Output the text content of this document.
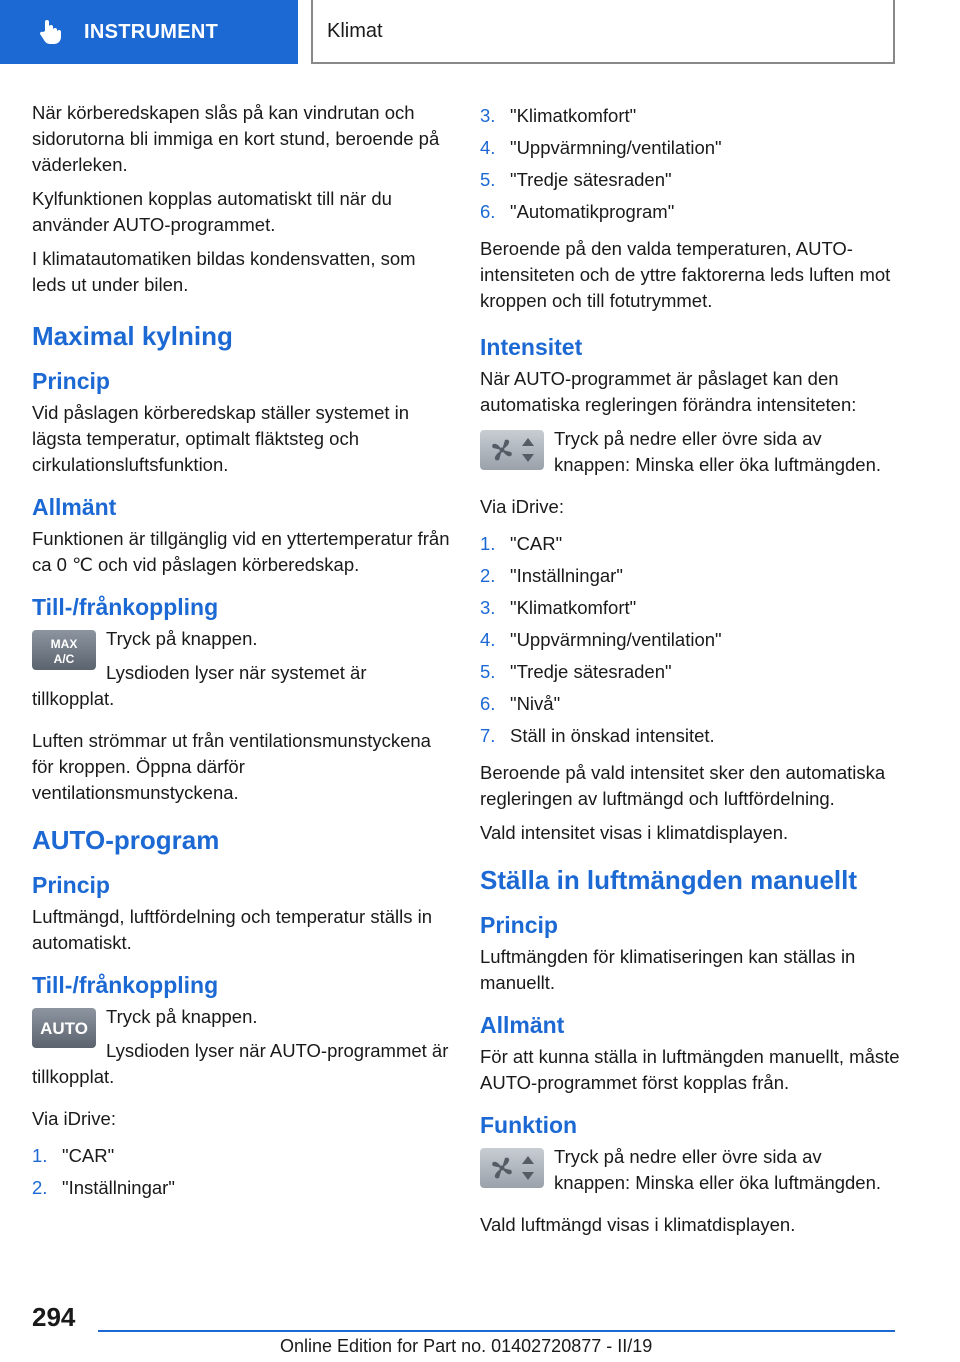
INSTRUMENT	Klimat

När körberedskapen slås på kan vindrutan och sidorutorna bli immiga en kort stund, beroende på väderleken.

Kylfunktionen kopplas automatiskt till när du använder AUTO-programmet.

I klimatautomatiken bildas kondensvatten, som leds ut under bilen.

Maximal kylning
Princip

Vid påslagen körberedskap ställer systemet in lägsta temperatur, optimalt fläktsteg och cirkulationsluftsfunktion.

Allmänt

Funktionen är tillgänglig vid en yttertemperatur från ca 0 ℃ och vid påslagen körberedskap.

Till-/frånkoppling
MAX
A/C

Tryck på knappen.

Lysdioden lyser när systemet är tillkopplat.

Luften strömmar ut från ventilationsmunstyckena för kroppen. Öppna därför ventilationsmunstyckena.

AUTO-program
Princip

Luftmängd, luftfördelning och temperatur ställs in automatiskt.

Till-/frånkoppling
AUTO

Tryck på knappen.

Lysdioden lyser när AUTO-programmet är tillkopplat.

Via iDrive:

1. "CAR"
2. "Inställningar"
3. "Klimatkomfort"
4. "Uppvärmning/ventilation"
5. "Tredje sätesraden"
6. "Automatikprogram"

Beroende på den valda temperaturen, AUTO-intensiteten och de yttre faktorerna leds luften mot kroppen och till fotutrymmet.

Intensitet

När AUTO-programmet är påslaget kan den automatiska regleringen förändra intensiteten:

Tryck på nedre eller övre sida av knappen: Minska eller öka luftmängden.

Via iDrive:

1. "CAR"
2. "Inställningar"
3. "Klimatkomfort"
4. "Uppvärmning/ventilation"
5. "Tredje sätesraden"
6. "Nivå"
7. Ställ in önskad intensitet.

Beroende på vald intensitet sker den automatiska regleringen av luftmängd och luftfördelning.

Vald intensitet visas i klimatdisplayen.

Ställa in luftmängden manuellt
Princip

Luftmängden för klimatiseringen kan ställas in manuellt.

Allmänt

För att kunna ställa in luftmängden manuellt, måste AUTO-programmet först kopplas från.

Funktion

Tryck på nedre eller övre sida av knappen: Minska eller öka luftmängden.

Vald luftmängd visas i klimatdisplayen.

294
Online Edition for Part no. 01402720877 - II/19
